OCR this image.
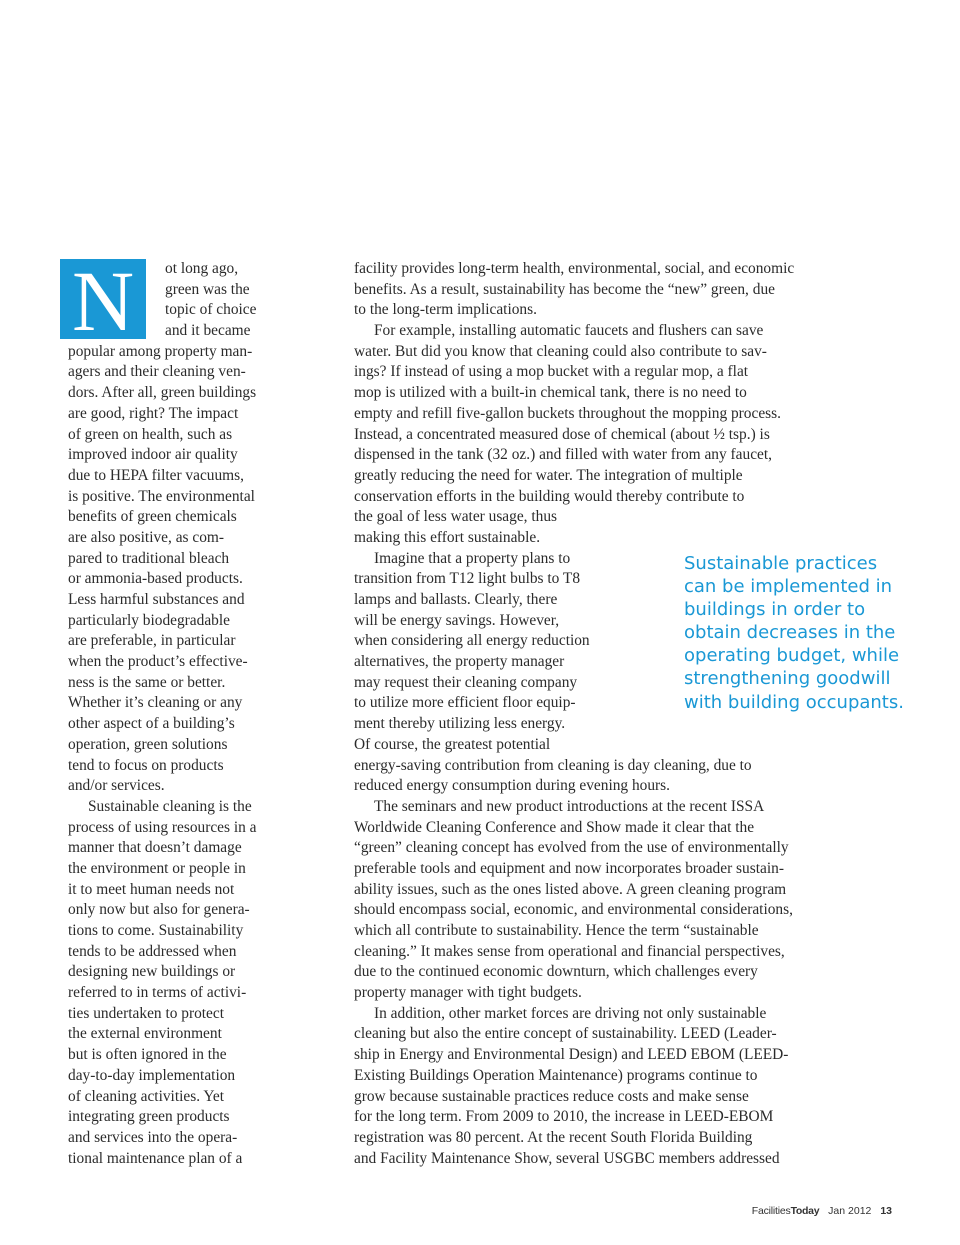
N	ot long ago,
green was the
topic of choice
and it became
popular among property man-
agers and their cleaning ven-
dors. After all, green buildings
are good, right? The impact
of green on health, such as
improved indoor air quality
due to HEPA filter vacuums,
is positive. The environmental
benefits of green chemicals
are also positive, as com-
pared to traditional bleach
or ammonia-based products.
Less harmful substances and
particularly biodegradable
are preferable, in particular
when the product’s effective-
ness is the same or better.
Whether it’s cleaning or any
other aspect of a building’s
operation, green solutions
tend to focus on products
and/or services.
Sustainable cleaning is the
process of using resources in a
manner that doesn’t damage
the environment or people in
it to meet human needs not
only now but also for genera-
tions to come. Sustainability
tends to be addressed when
designing new buildings or
referred to in terms of activi-
ties undertaken to protect
the external environment
but is often ignored in the
day-to-day implementation
of cleaning activities. Yet
integrating green products
and services into the opera-
tional maintenance plan of a
facility provides long-term health, environmental, social, and economic
benefits. As a result, sustainability has become the “new” green, due
to the long-term implications.
For example, installing automatic faucets and flushers can save
water. But did you know that cleaning could also contribute to sav-
ings? If instead of using a mop bucket with a regular mop, a flat
mop is utilized with a built-in chemical tank, there is no need to
empty and refill five-gallon buckets throughout the mopping process.
Instead, a concentrated measured dose of chemical (about ½ tsp.) is
dispensed in the tank (32 oz.) and filled with water from any faucet,
greatly reducing the need for water. The integration of multiple
conservation efforts in the building would thereby contribute to
the goal of less water usage, thus
making this effort sustainable.
Imagine that a property plans to
transition from T12 light bulbs to T8
lamps and ballasts. Clearly, there
will be energy savings. However,
when considering all energy reduction
alternatives, the property manager
may request their cleaning company
to utilize more efficient floor equip-
ment thereby utilizing less energy.
Of course, the greatest potential
energy-saving contribution from cleaning is day cleaning, due to
reduced energy consumption during evening hours.
The seminars and new product introductions at the recent ISSA
Worldwide Cleaning Conference and Show made it clear that the
“green” cleaning concept has evolved from the use of environmentally
preferable tools and equipment and now incorporates broader sustain-
ability issues, such as the ones listed above. A green cleaning program
should encompass social, economic, and environmental considerations,
which all contribute to sustainability. Hence the term “sustainable
cleaning.” It makes sense from operational and financial perspectives,
due to the continued economic downturn, which challenges every
property manager with tight budgets.
In addition, other market forces are driving not only sustainable
cleaning but also the entire concept of sustainability. LEED (Leader-
ship in Energy and Environmental Design) and LEED EBOM (LEED-
Existing Buildings Operation Maintenance) programs continue to
grow because sustainable practices reduce costs and make sense
for the long term. From 2009 to 2010, the increase in LEED-EBOM
registration was 80 percent. At the recent South Florida Building
and Facility Maintenance Show, several USGBC members addressed
Sustainable practices
can be implemented in
buildings in order to
obtain decreases in the
operating budget, while
strengthening goodwill
with building occupants.
FacilitiesToday Jan 2012 13
